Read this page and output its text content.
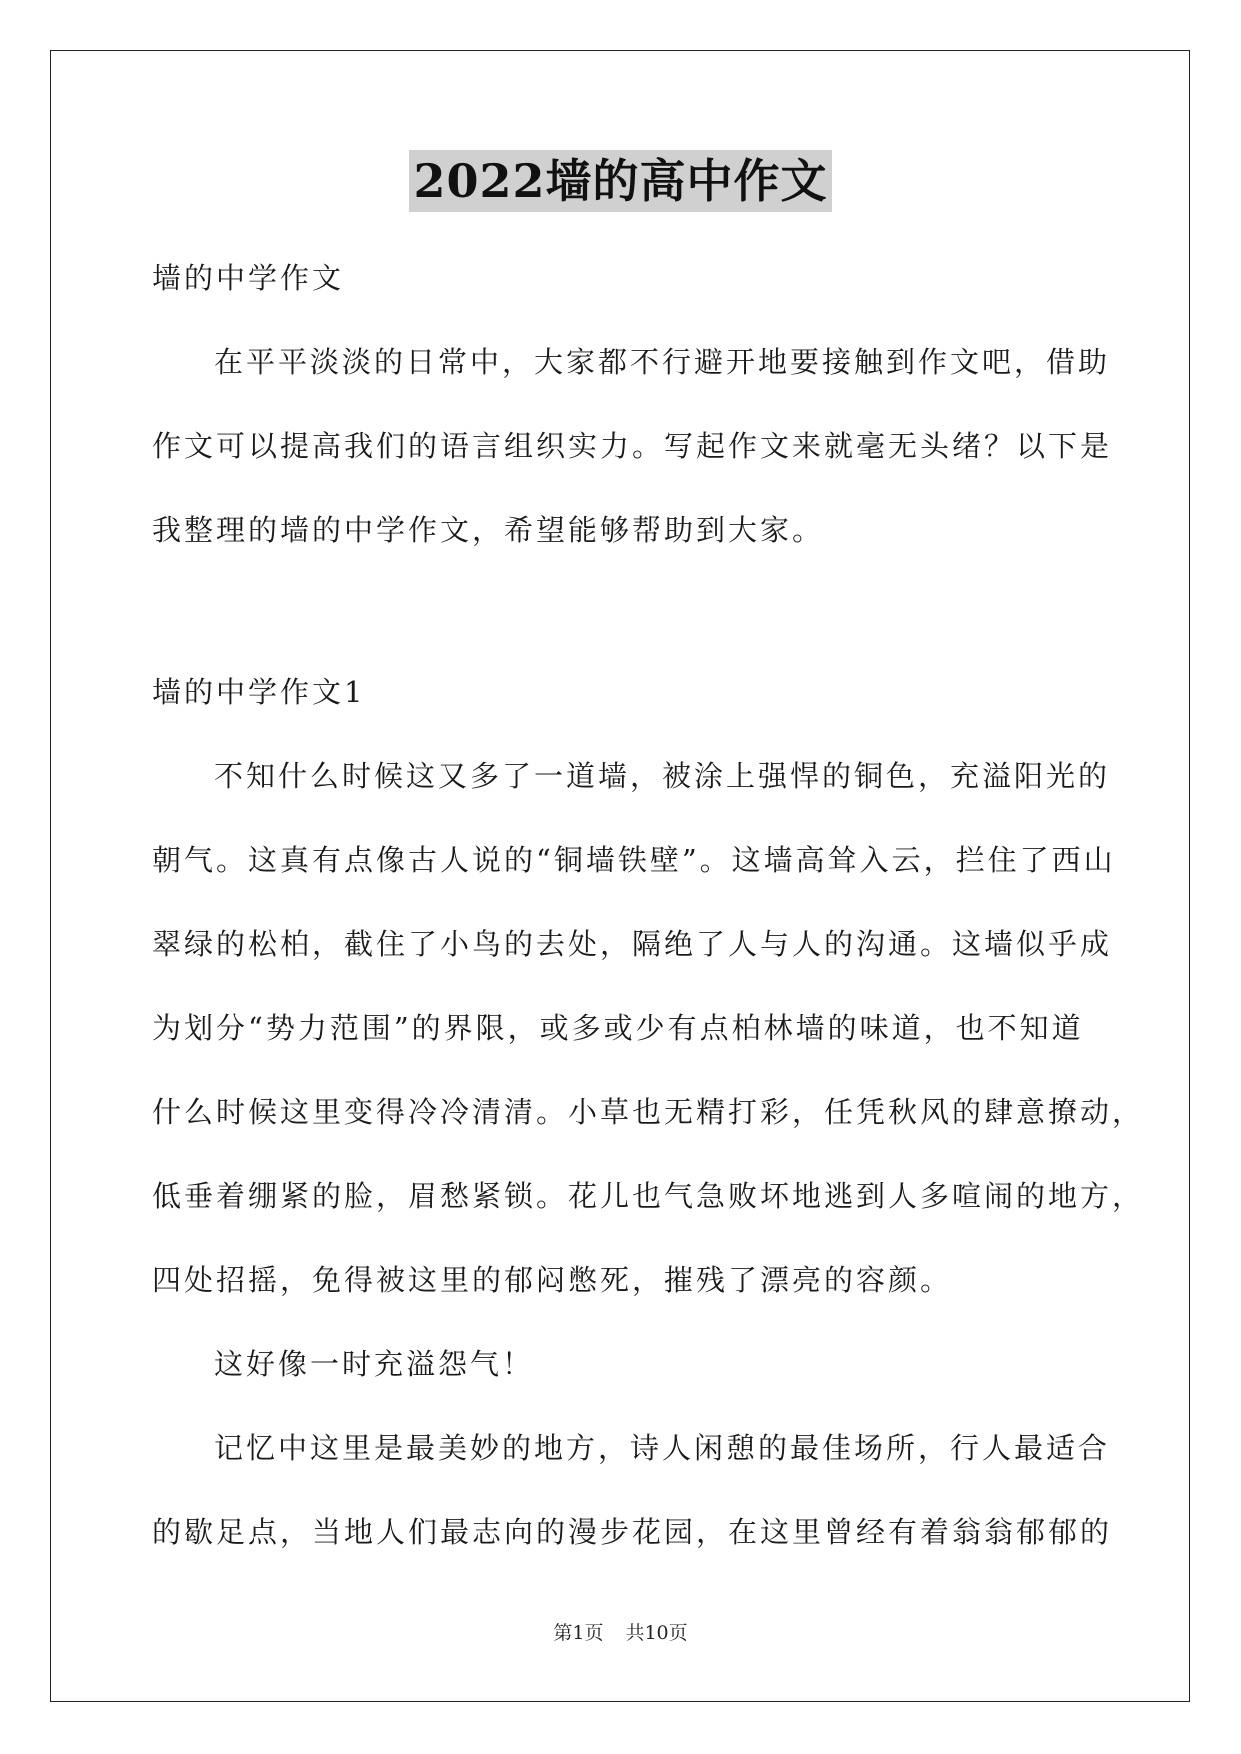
2022墙的高中作文
墙的中学作文
在平平淡淡的日常中，大家都不行避开地要接触到作文吧，借助
作文可以提高我们的语言组织实力。写起作文来就毫无头绪？以下是
我整理的墙的中学作文，希望能够帮助到大家。
墙的中学作文1
不知什么时候这又多了一道墙，被涂上强悍的铜色，充溢阳光的
朝气。这真有点像古人说的“铜墙铁壁”。这墙高耸入云，拦住了西山
翠绿的松柏，截住了小鸟的去处，隔绝了人与人的沟通。这墙似乎成
为划分“势力范围”的界限，或多或少有点柏林墙的味道，也不知道
什么时候这里变得冷冷清清。小草也无精打彩，任凭秋风的肆意撩动，
低垂着绷紧的脸，眉愁紧锁。花儿也气急败坏地逃到人多喧闹的地方，
四处招摇，免得被这里的郁闷憋死，摧残了漂亮的容颜。
这好像一时充溢怨气！
记忆中这里是最美妙的地方，诗人闲憩的最佳场所，行人最适合
的歇足点，当地人们最志向的漫步花园，在这里曾经有着翁翁郁郁的
第1页 共10页
